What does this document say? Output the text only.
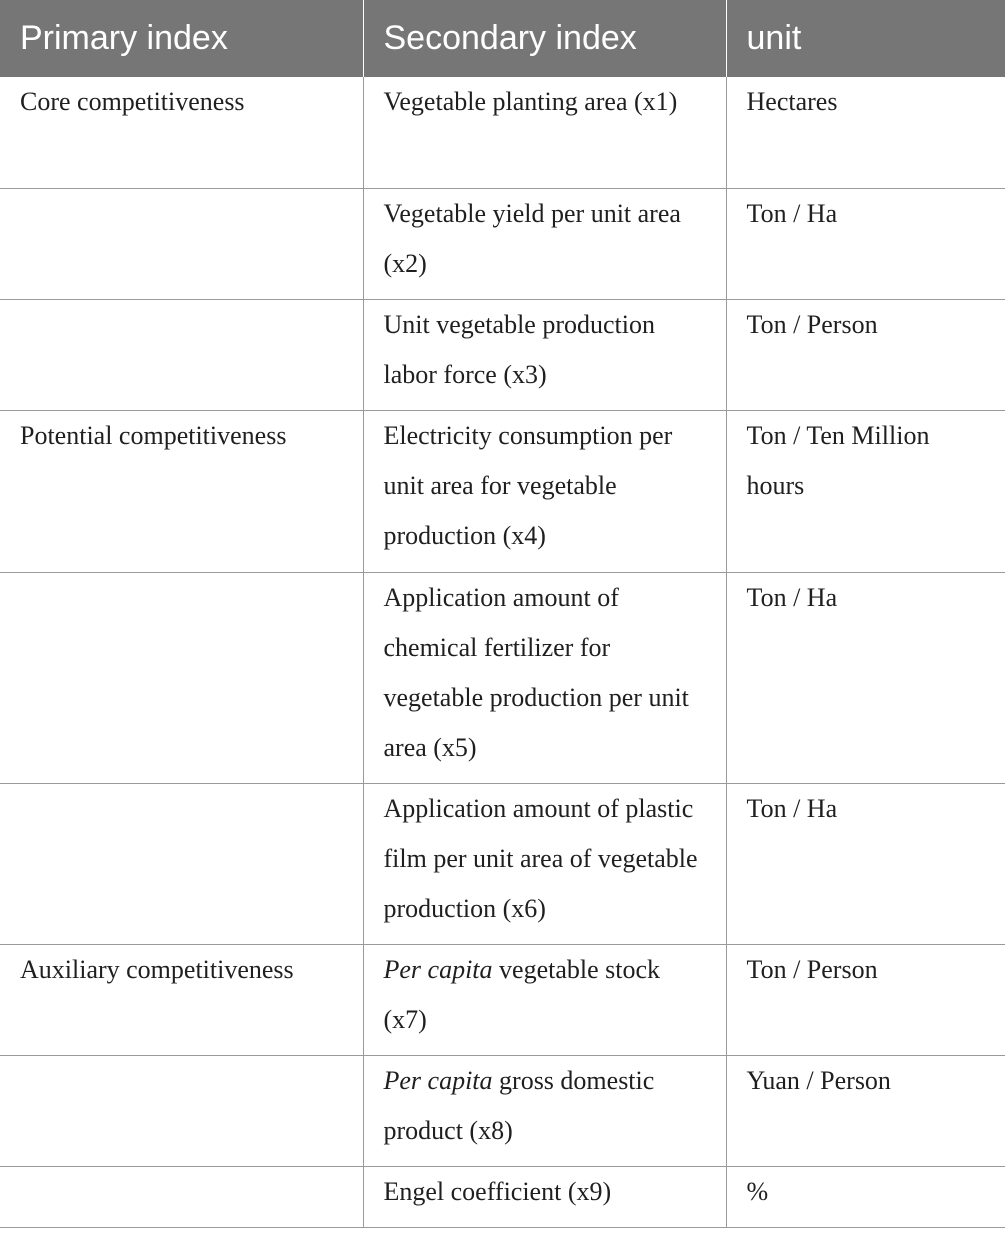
Primary index	Secondary index	unit
Core competitiveness	Vegetable planting area (x1)	Hectares
	Vegetable yield per unit area (x2)	Ton / Ha
	Unit vegetable production labor force (x3)	Ton / Person
Potential competitiveness	Electricity consumption per unit area for vegetable production (x4)	Ton / Ten Million hours
	Application amount of chemical fertilizer for vegetable production per unit area (x5)	Ton / Ha
	Application amount of plastic film per unit area of vegetable production (x6)	Ton / Ha
Auxiliary competitiveness	Per capita vegetable stock (x7)	Ton / Person
	Per capita gross domestic product (x8)	Yuan / Person
	Engel coefficient (x9)	%
